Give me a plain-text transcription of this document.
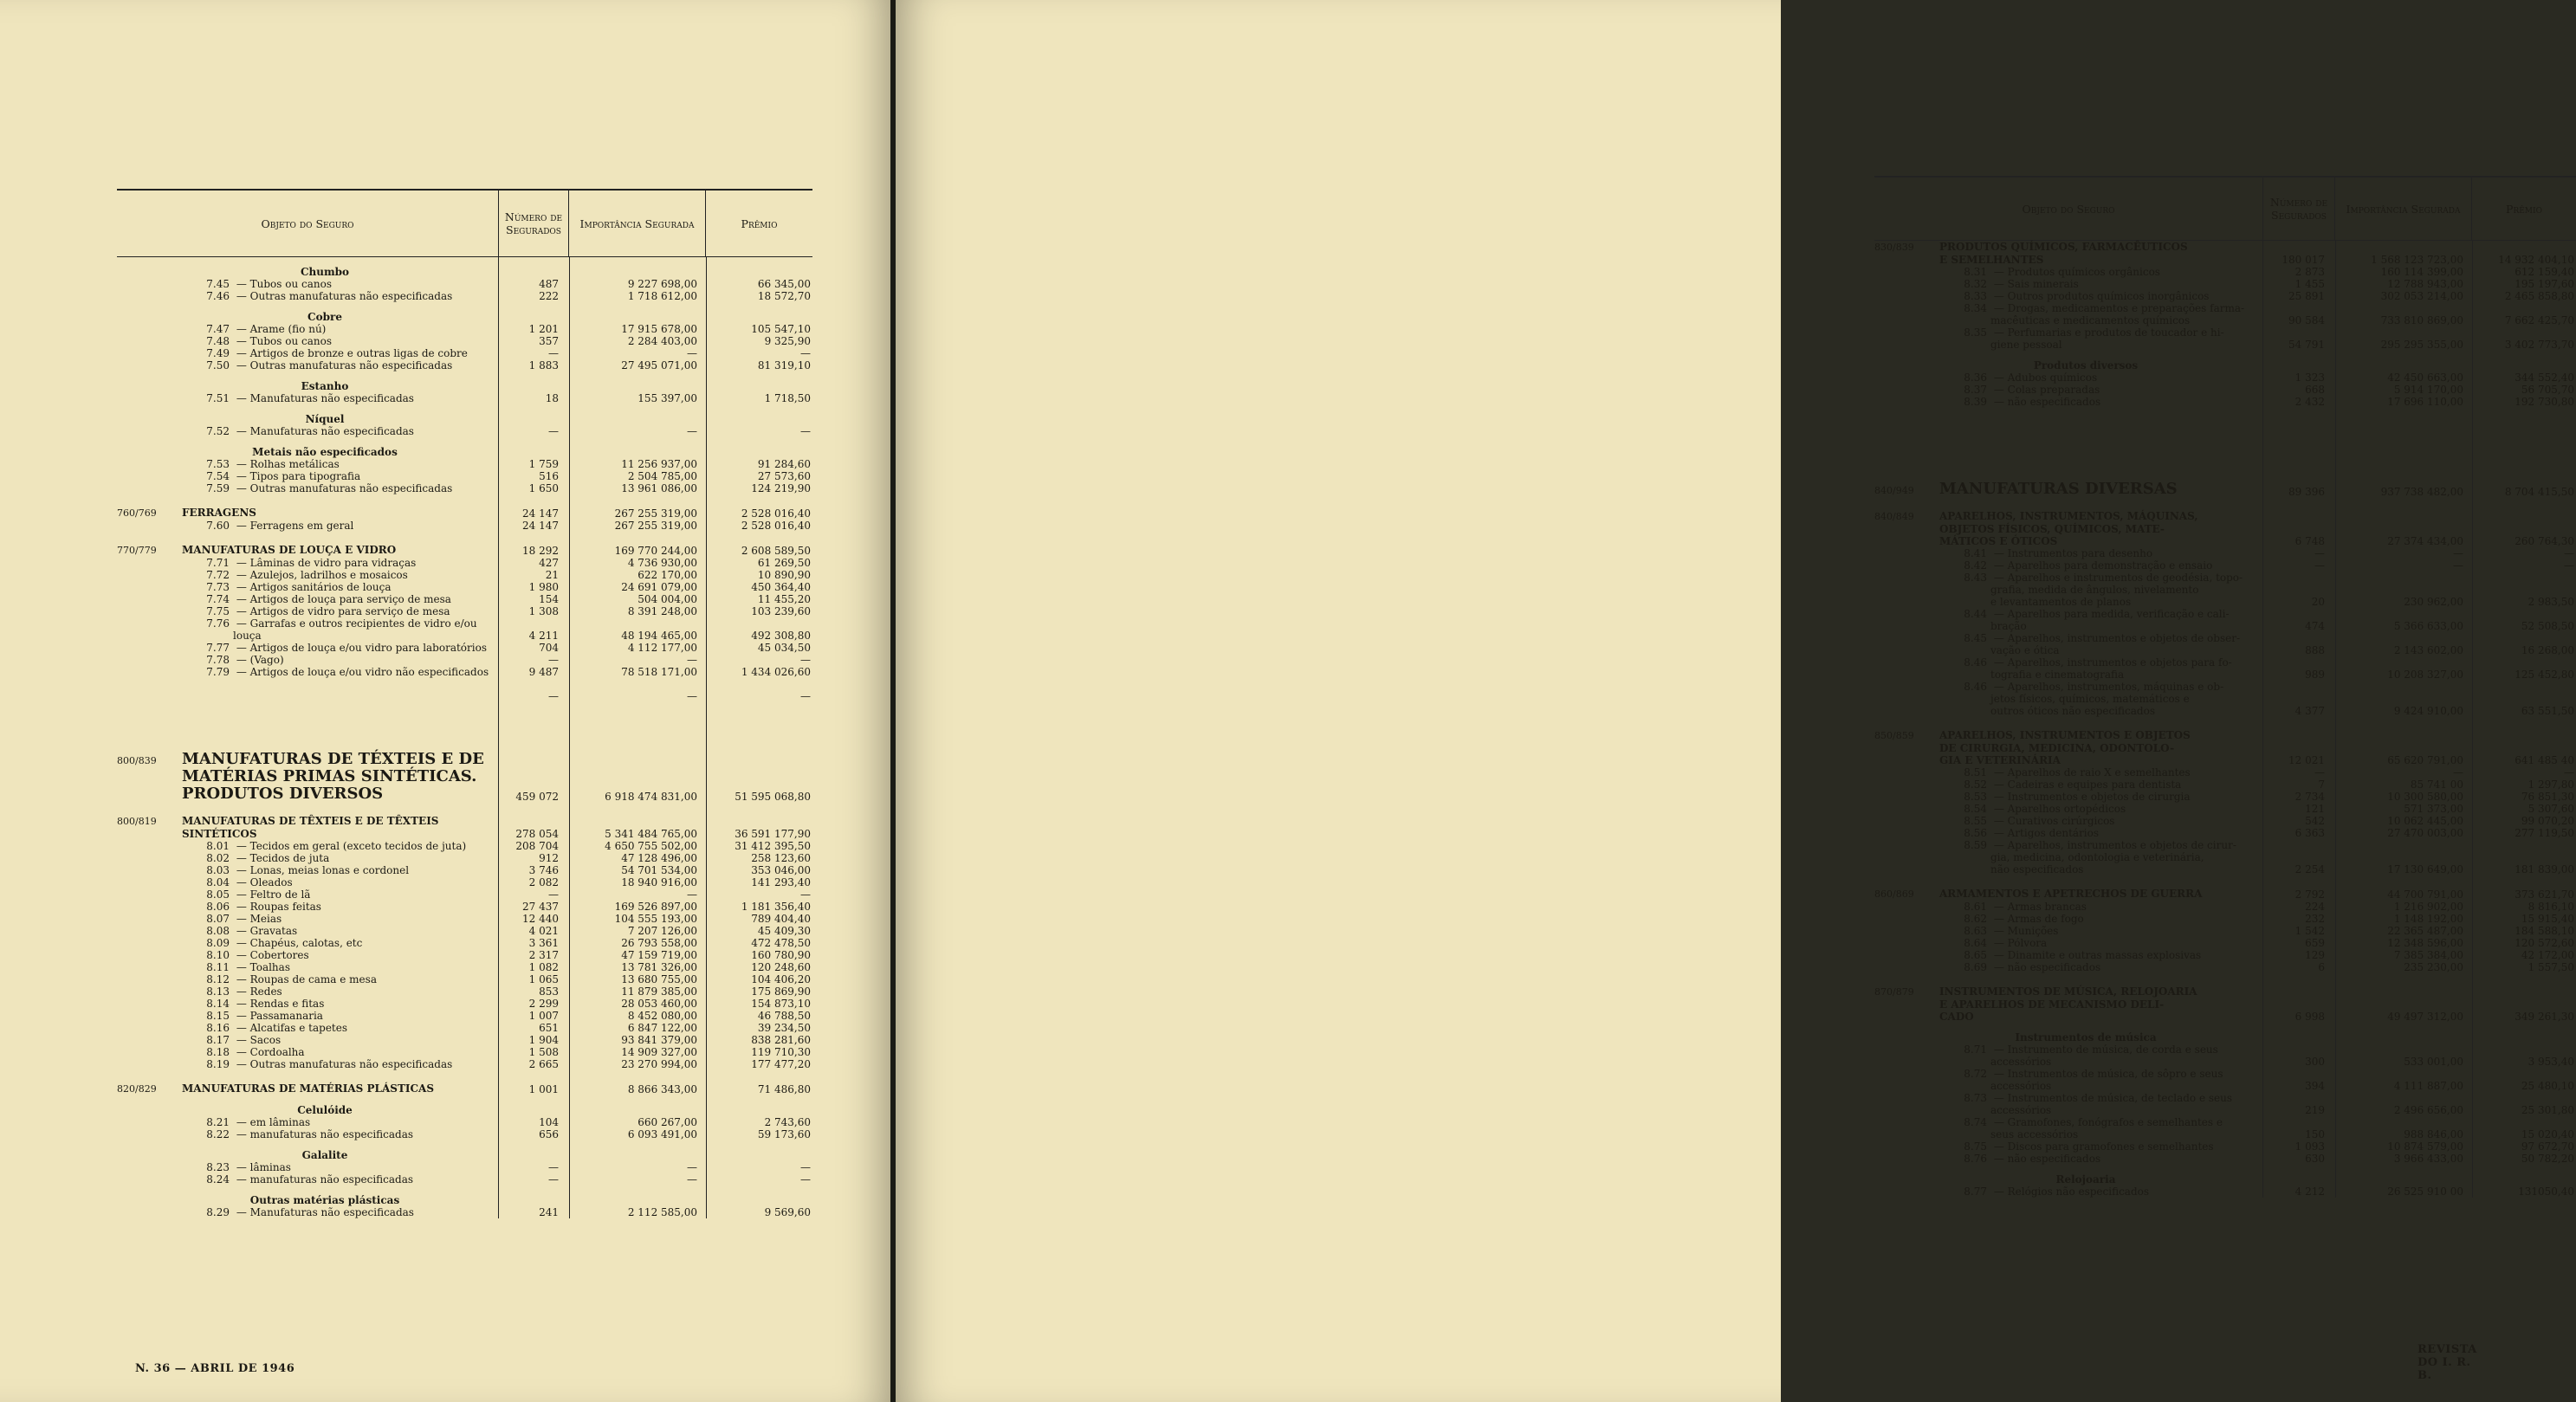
Objeto do Seguro	Número de Segurados	Importância Segurada	Prêmio
Chumbo
7.45 — Tubos ou canos	487	9 227 698,00	66 345,00
7.46 — Outras manufaturas não especificadas	222	1 718 612,00	18 572,70
Cobre
7.47 — Arame (fio nú)	1 201	17 915 678,00	105 547,10
7.48 — Tubos ou canos	357	2 284 403,00	9 325,90
7.49 — Artigos de bronze e outras ligas de cobre	—	—	—
7.50 — Outras manufaturas não especificadas	1 883	27 495 071,00	81 319,10
Estanho
7.51 — Manufaturas não especificadas	18	155 397,00	1 718,50
Níquel
7.52 — Manufaturas não especificadas	—	—	—
Metais não especificados
7.53 — Rolhas metálicas	1 759	11 256 937,00	91 284,60
7.54 — Tipos para tipografia	516	2 504 785,00	27 573,60
7.59 — Outras manufaturas não especificadas	1 650	13 961 086,00	124 219,90
760/769 FERRAGENS	24 147	267 255 319,00	2 528 016,40
7.60 — Ferragens em geral	24 147	267 255 319,00	2 528 016,40
770/779 MANUFATURAS DE LOUÇA E VIDRO	18 292	169 770 244,00	2 608 589,50
7.71 — Lâminas de vidro para vidraças	427	4 736 930,00	61 269,50
7.72 — Azulejos, ladrilhos e mosaicos	21	622 170,00	10 890,90
7.73 — Artigos sanitários de louça	1 980	24 691 079,00	450 364,40
7.74 — Artigos de louça para serviço de mesa	154	504 004,00	11 455,20
7.75 — Artigos de vidro para serviço de mesa	1 308	8 391 248,00	103 239,60
7.76 — Garrafas e outros recipientes de vidro e/ou
louça	4 211	48 194 465,00	492 308,80
7.77 — Artigos de louça e/ou vidro para laboratórios	704	4 112 177,00	45 034,50
7.78 — (Vago)	—	—	—
7.79 — Artigos de louça e/ou vidro não especificados	9 487	78 518 171,00	1 434 026,60
—	—	—
800/839 MANUFATURAS DE TÉXTEIS E DE
MATÉRIAS PRIMAS SINTÉTICAS.
PRODUTOS DIVERSOS	459 072	6 918 474 831,00	51 595 068,80
800/819 MANUFATURAS DE TÊXTEIS E DE TÊXTEIS
SINTÉTICOS	278 054	5 341 484 765,00	36 591 177,90
8.01 — Tecidos em geral (exceto tecidos de juta)	208 704	4 650 755 502,00	31 412 395,50
8.02 — Tecidos de juta	912	47 128 496,00	258 123,60
8.03 — Lonas, meias lonas e cordonel	3 746	54 701 534,00	353 046,00
8.04 — Oleados	2 082	18 940 916,00	141 293,40
8.05 — Feltro de lã	—	—	—
8.06 — Roupas feitas	27 437	169 526 897,00	1 181 356,40
8.07 — Meias	12 440	104 555 193,00	789 404,40
8.08 — Gravatas	4 021	7 207 126,00	45 409,30
8.09 — Chapéus, calotas, etc	3 361	26 793 558,00	472 478,50
8.10 — Cobertores	2 317	47 159 719,00	160 780,90
8.11 — Toalhas	1 082	13 781 326,00	120 248,60
8.12 — Roupas de cama e mesa	1 065	13 680 755,00	104 406,20
8.13 — Redes	853	11 879 385,00	175 869,90
8.14 — Rendas e fitas	2 299	28 053 460,00	154 873,10
8.15 — Passamanaria	1 007	8 452 080,00	46 788,50
8.16 — Alcatifas e tapetes	651	6 847 122,00	39 234,50
8.17 — Sacos	1 904	93 841 379,00	838 281,60
8.18 — Cordoalha	1 508	14 909 327,00	119 710,30
8.19 — Outras manufaturas não especificadas	2 665	23 270 994,00	177 477,20
820/829 MANUFATURAS DE MATÉRIAS PLÁSTICAS	1 001	8 866 343,00	71 486,80
Celulóide
8.21 — em lâminas	104	660 267,00	2 743,60
8.22 — manufaturas não especificadas	656	6 093 491,00	59 173,60
Galalite
8.23 — lâminas	—	—	—
8.24 — manufaturas não especificadas	—	—	—
Outras matérias plásticas
8.29 — Manufaturas não especificadas	241	2 112 585,00	9 569,60
N. 36 — ABRIL DE 1946
Objeto do Seguro	Número de Segurados	Importância Segurada	Prêmio
830/839 PRODUTOS QUÍMICOS, FARMACÊUTICOS
E SEMELHANTES	180 017	1 568 123 723,00	14 932 404,10
8.31 — Produtos químicos orgânicos	2 873	160 114 399,00	612 159,40
8.32 — Sais minerais	1 455	12 788 943,00	195 197,60
8.33 — Outros produtos químicos inorgânicos	25 891	302 053 214,00	2 465 858,80
8.34 — Drogas, medicamentos e preparações farma-
macêuticas e medicamentos químicos	90 584	733 810 869,00	7 662 425,70
8.35 — Perfumarias e produtos de toucador e hi-
giene pessoal	54 791	295 295 355,00	3 402 773,70
Produtos diversos
8.36 — Adubos químicos	1 323	42 450 663,00	344 552,40
8.37 — Colas preparadas	668	5 914 170,00	56 705,70
8.39 — não especificados	2 432	17 696 110,00	192 730,80
840/949 MANUFATURAS DIVERSAS	89 396	937 738 482,00	8 704 415,50
840/849 APARELHOS, INSTRUMENTOS, MÁQUINAS,
OBJETOS FÍSICOS, QUÍMICOS, MATE-
MÁTICOS E ÓTICOS	6 748	27 374 434,00	260 764,30
8.41 — Instrumentos para desenho	—	—	—
8.42 — Aparelhos para demonstração e ensaio	—	—	—
8.43 — Aparelhos e instrumentos de geodésia, topo-
grafia, medida de ângulos, nivelamento
e levantamentos de planos	20	230 962,00	2 983,50
8.44 — Aparelhos para medida, verificação e cali-
bração	474	5 366 633,00	52 508,50
8.45 — Aparelhos, instrumentos e objetos de obser-
vação e ótica	888	2 143 602,00	16 268,00
8.46 — Aparelhos, instrumentos e objetos para fo-
tografia e cinematografia	989	10 208 327,00	125 452,80
8.46 — Aparelhos, instrumentos, máquinas e ob-
jetos físicos, químicos, matemáticos e
outros óticos não especificados	4 377	9 424 910,00	63 551,50
850/859 APARELHOS, INSTRUMENTOS E OBJETOS
DE CIRURGIA, MEDICINA, ODONTOLO-
GIA E VETERINÁRIA	12 021	65 620 791,00	641 485 40
8.51 — Aparelhos de raio X e semelhantes	—	—	—
8.52 — Cadeiras e equipes para dentista	7	85 741 00	1 297,80
8.53 — Instrumentos e objetos de cirurgia	2 734	10 300 580,00	76 851,30
8.54 — Aparelhos ortopédicos	121	571 373,00	5 307,60
8.55 — Curativos cirúrgicos	542	10 062 445,00	99 070,20
8.56 — Artigos dentários	6 363	27 470 003,00	277 119,50
8.59 — Aparelhos, instrumentos e objetos de cirur-
gia, medicina, odontologia e veterinária,
não especificados	2 254	17 130 649,00	181 839,00
860/869 ARMAMENTOS E APETRECHOS DE GUERRA	2 792	44 700 791,00	373 621,70
8.61 — Armas brancas	224	1 216 902,00	8 816,10
8.62 — Armas de fogo	232	1 148 192,00	15 915,40
8.63 — Munições	1 542	22 365 487,00	184 588,10
8.64 — Pólvora	659	12 348 596,00	120 572,60
8.65 — Dinamite e outras massas explosivas	129	7 385 384,00	42 172,00
8.69 — não especificados	6	235 230,00	1 557,50
870/879 INSTRUMENTOS DE MÚSICA, RELOJOARIA
E APARELHOS DE MECANISMO DELI-
CADO	6 998	49 497 312,00	349 261,30
Instrumentos de música
8.71 — Instrumento de música, de corda e seus
accessórios	300	533 001,00	3 953,40
8.72 — Instrumentos de música, de sôpro e seus
accessórios	394	4 111 887,00	25 480,10
8.73 — Instrumentos de música, de teclado e seus
accessórios	219	2 496 656,00	25 301,80
8.74 — Gramofones, fonógrafos e semelhantes e
seus accessórios	150	988 846,00	15 020,40
8.75 — Discos para gramofones e semelhantes	1 093	10 874 579,00	97 672,70
8.76 — não especificados	630	3 966 433,00	50 782,20
Relojoaria
8.77 — Relógios não especificados	4 212	26 525 910 00	131050,40
REVISTA DO I. R. B.
